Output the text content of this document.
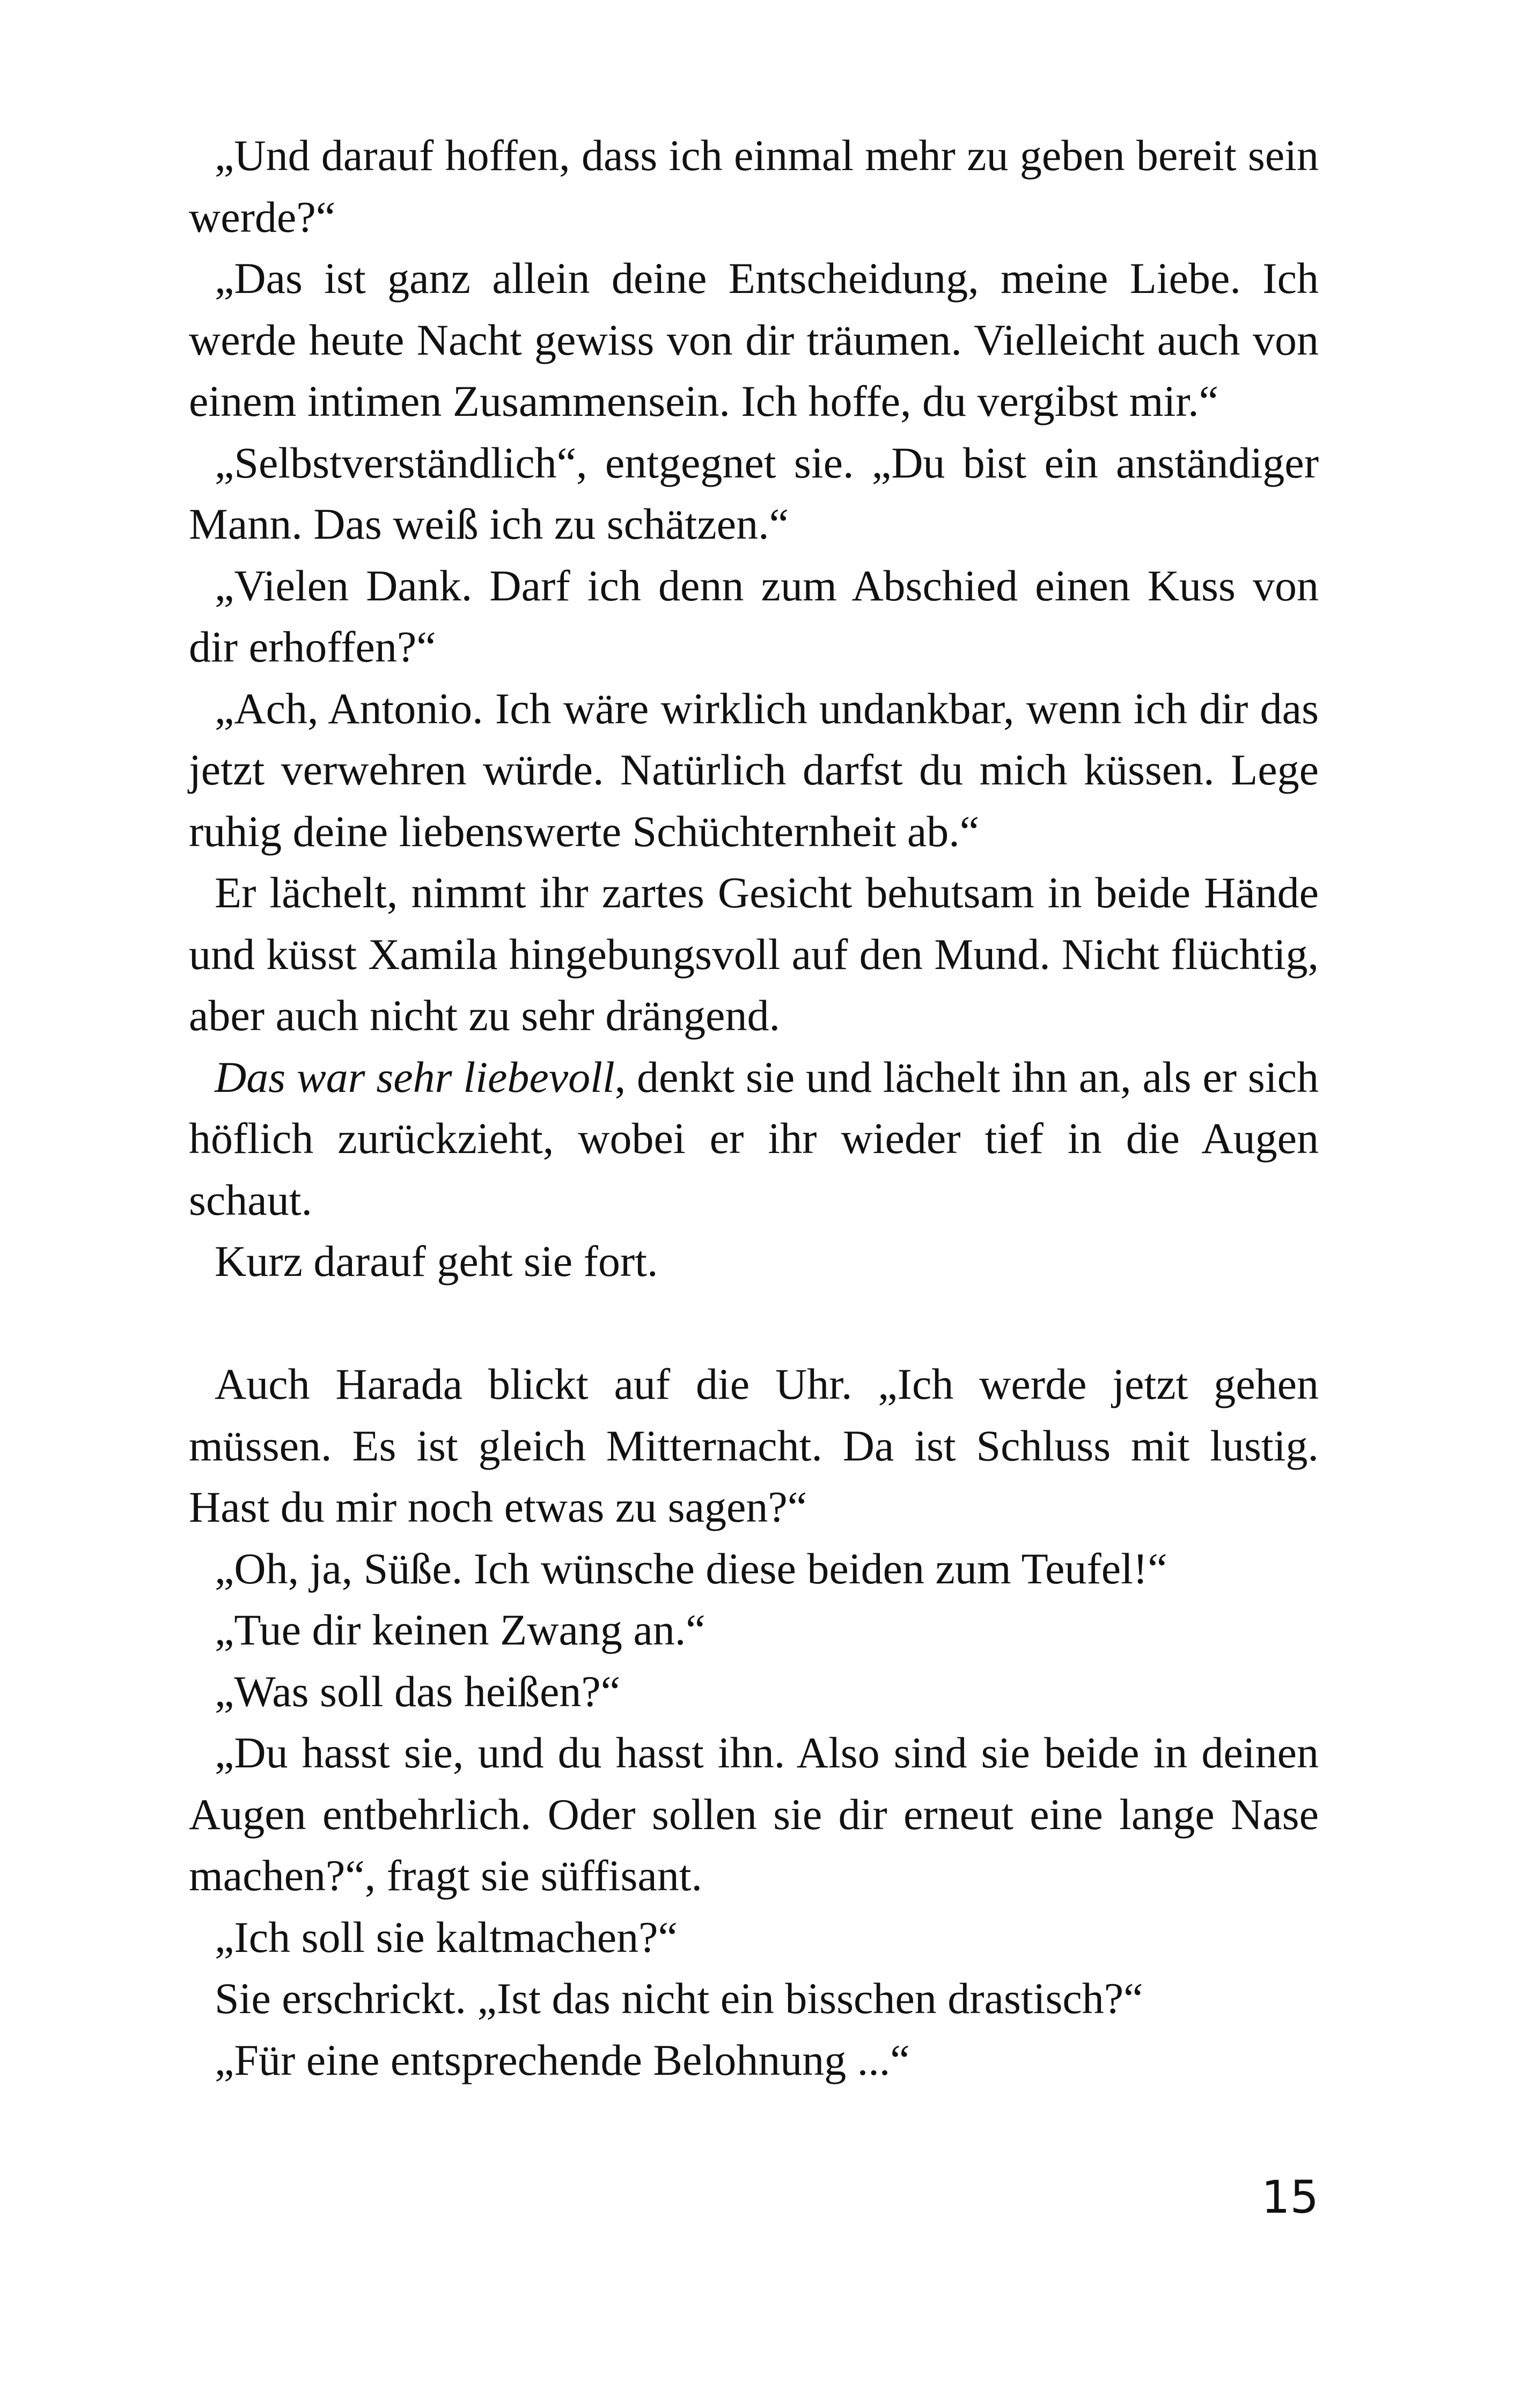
„Und darauf hoffen, dass ich einmal mehr zu geben bereit sein werde?“

„Das ist ganz allein deine Entscheidung, meine Liebe. Ich werde heute Nacht gewiss von dir träumen. Vielleicht auch von einem intimen Zusammensein. Ich hoffe, du vergibst mir.“

„Selbstverständlich“, entgegnet sie. „Du bist ein anständiger Mann. Das weiß ich zu schätzen.“

„Vielen Dank. Darf ich denn zum Abschied einen Kuss von dir erhoffen?“

„Ach, Antonio. Ich wäre wirklich undankbar, wenn ich dir das jetzt verwehren würde. Natürlich darfst du mich küssen. Lege ruhig deine liebenswerte Schüchternheit ab.“

Er lächelt, nimmt ihr zartes Gesicht behutsam in beide Hände und küsst Xamila hingebungsvoll auf den Mund. Nicht flüchtig, aber auch nicht zu sehr drängend.

Das war sehr liebevoll, denkt sie und lächelt ihn an, als er sich höflich zurückzieht, wobei er ihr wieder tief in die Augen schaut.

Kurz darauf geht sie fort.

Auch Harada blickt auf die Uhr. „Ich werde jetzt gehen müssen. Es ist gleich Mitternacht. Da ist Schluss mit lustig. Hast du mir noch etwas zu sagen?“

„Oh, ja, Süße. Ich wünsche diese beiden zum Teufel!“

„Tue dir keinen Zwang an.“

„Was soll das heißen?“

„Du hasst sie, und du hasst ihn. Also sind sie beide in deinen Augen entbehrlich. Oder sollen sie dir erneut eine lange Nase machen?“, fragt sie süffisant.

„Ich soll sie kaltmachen?“

Sie erschrickt. „Ist das nicht ein bisschen drastisch?“

„Für eine entsprechende Belohnung ...“

15
